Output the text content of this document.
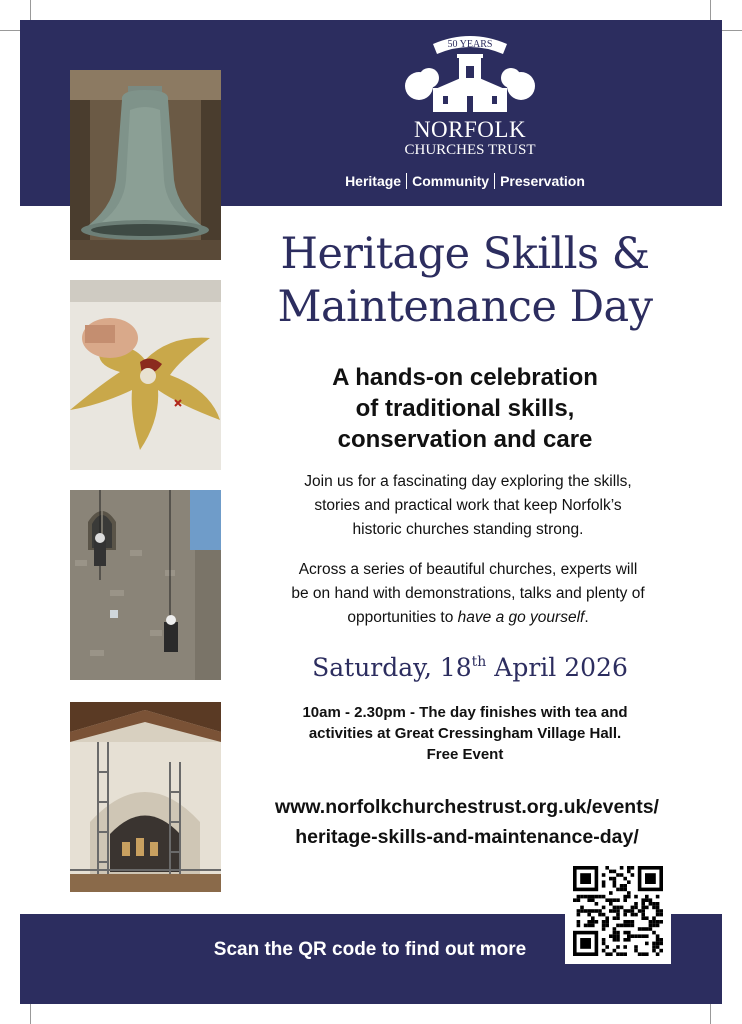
50 YEARS
NORFOLK
CHURCHES TRUST
Heritage Community Preservation
Heritage Skills &
Maintenance Day
A hands-on celebration
of traditional skills,
conservation and care
Join us for a fascinating day exploring the skills,
stories and practical work that keep Norfolk’s
historic churches standing strong.
Across a series of beautiful churches, experts will
be on hand with demonstrations, talks and plenty of
opportunities to have a go yourself.
Saturday, 18th April 2026
10am - 2.30pm - The day finishes with tea and
activities at Great Cressingham Village Hall.
Free Event
www.norfolkchurchestrust.org.uk/events/
heritage-skills-and-maintenance-day/
Scan the QR code to find out more
